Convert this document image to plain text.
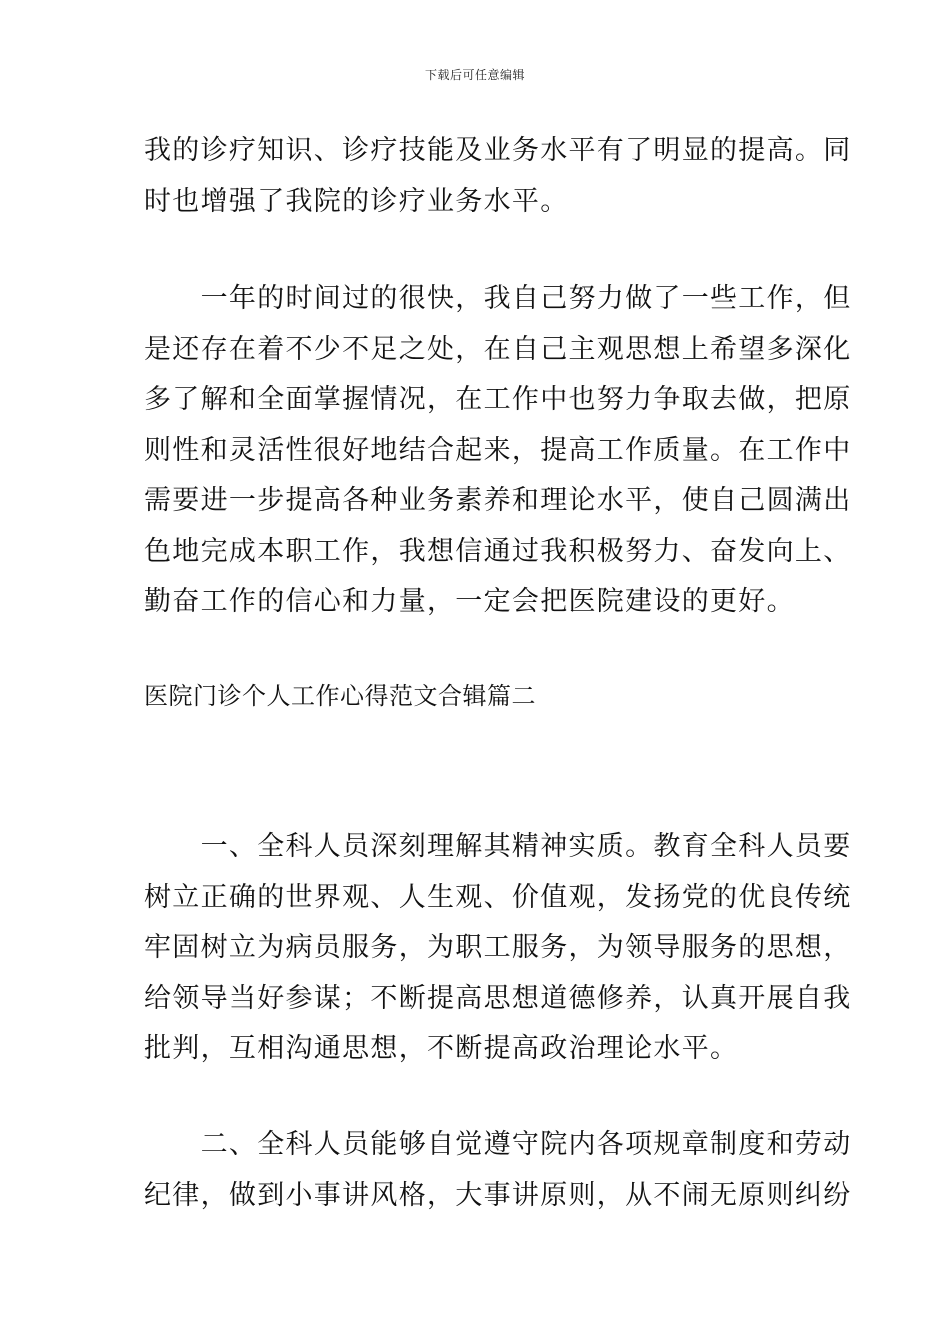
下载后可任意编辑
我的诊疗知识、诊疗技能及业务水平有了明显的提高。同
时也增强了我院的诊疗业务水平。
　　一年的时间过的很快，我自己努力做了一些工作，但
是还存在着不少不足之处，在自己主观思想上希望多深化
多了解和全面掌握情况，在工作中也努力争取去做，把原
则性和灵活性很好地结合起来，提高工作质量。在工作中
需要进一步提高各种业务素养和理论水平，使自己圆满出
色地完成本职工作，我想信通过我积极努力、奋发向上、
勤奋工作的信心和力量，一定会把医院建设的更好。
医院门诊个人工作心得范文合辑篇二
　　一、全科人员深刻理解其精神实质。教育全科人员要
树立正确的世界观、人生观、价值观，发扬党的优良传统
牢固树立为病员服务，为职工服务，为领导服务的思想，
给领导当好参谋；不断提高思想道德修养，认真开展自我
批判，互相沟通思想，不断提高政治理论水平。
　　二、全科人员能够自觉遵守院内各项规章制度和劳动
纪律，做到小事讲风格，大事讲原则，从不闹无原则纠纷
